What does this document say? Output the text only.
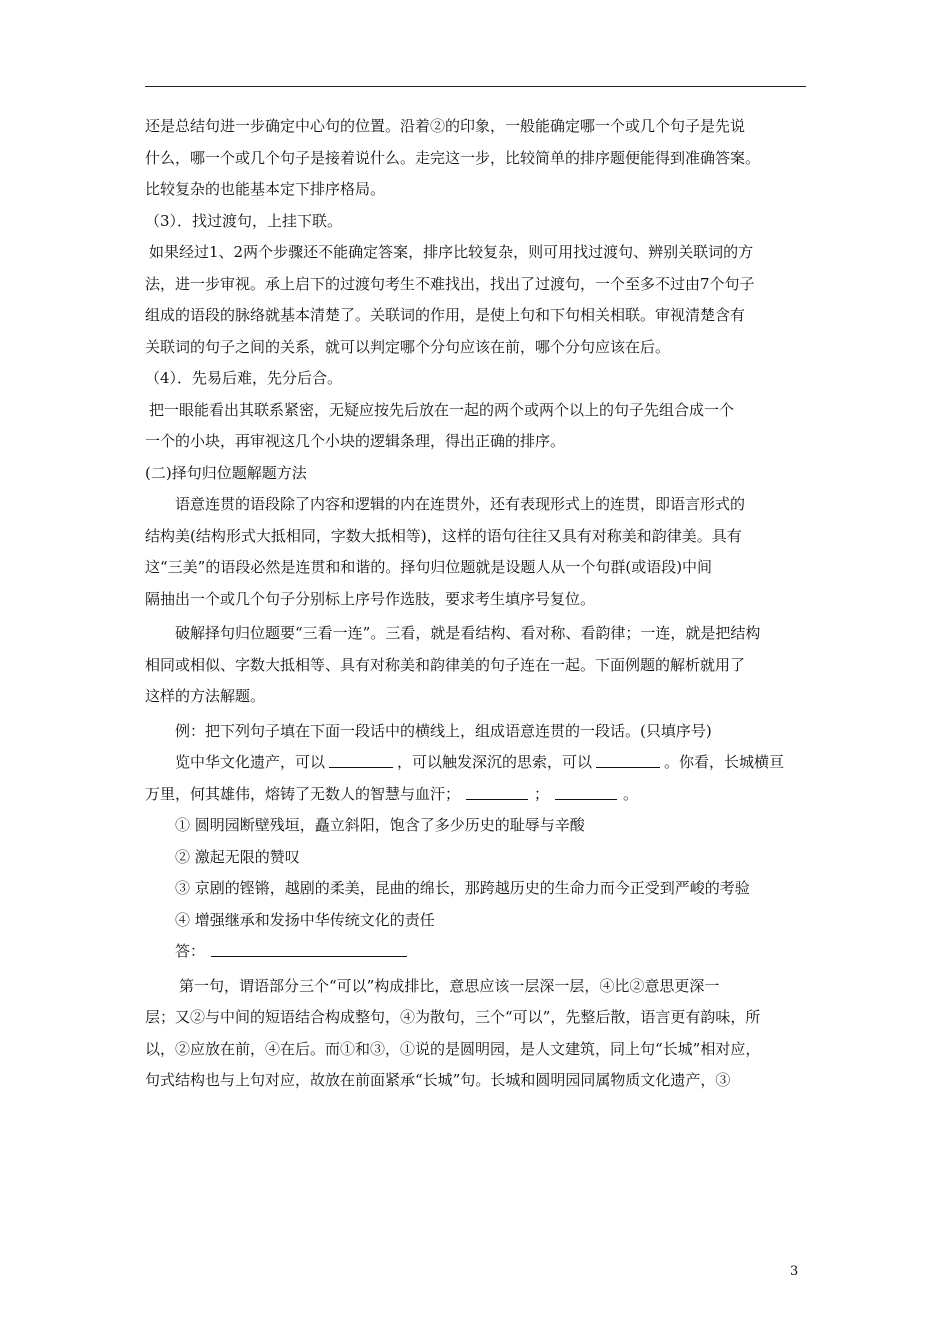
还是总结句进一步确定中心句的位置。沿着②的印象，一般能确定哪一个或几个句子是先说
什么，哪一个或几个句子是接着说什么。走完这一步，比较简单的排序题便能得到准确答案。
比较复杂的也能基本定下排序格局。
（3）．找过渡句，上挂下联。
如果经过1、2两个步骤还不能确定答案，排序比较复杂，则可用找过渡句、辨别关联词的方
法，进一步审视。承上启下的过渡句考生不难找出，找出了过渡句，一个至多不过由7个句子
组成的语段的脉络就基本清楚了。关联词的作用，是使上句和下句相关相联。审视清楚含有
关联词的句子之间的关系，就可以判定哪个分句应该在前，哪个分句应该在后。
（4）．先易后难，先分后合。
把一眼能看出其联系紧密，无疑应按先后放在一起的两个或两个以上的句子先组合成一个
一个的小块，再审视这几个小块的逻辑条理，得出正确的排序。
(二)择句归位题解题方法
语意连贯的语段除了内容和逻辑的内在连贯外，还有表现形式上的连贯，即语言形式的
结构美(结构形式大抵相同，字数大抵相等)，这样的语句往往又具有对称美和韵律美。具有
这“三美”的语段必然是连贯和和谐的。择句归位题就是设题人从一个句群(或语段)中间
隔抽出一个或几个句子分别标上序号作选肢，要求考生填序号复位。
破解择句归位题要“三看一连”。三看，就是看结构、看对称、看韵律；一连，就是把结构
相同或相似、字数大抵相等、具有对称美和韵律美的句子连在一起。下面例题的解析就用了
这样的方法解题。
例：把下列句子填在下面一段话中的横线上，组成语意连贯的一段话。(只填序号)
览中华文化遗产，可以	，可以触发深沉的思索，可以	。你看，长城横亘
万里，何其雄伟，熔铸了无数人的智慧与血汗；	；	。
① 圆明园断壁残垣，矗立斜阳，饱含了多少历史的耻辱与辛酸
② 激起无限的赞叹
③ 京剧的铿锵，越剧的柔美，昆曲的绵长，那跨越历史的生命力而今正受到严峻的考验
④ 增强继承和发扬中华传统文化的责任
答：
第一句，谓语部分三个“可以”构成排比，意思应该一层深一层，④比②意思更深一
层；又②与中间的短语结合构成整句，④为散句，三个“可以”，先整后散，语言更有韵味，所
以，②应放在前，④在后。而①和③，①说的是圆明园，是人文建筑，同上句“长城”相对应，
句式结构也与上句对应，故放在前面紧承“长城”句。长城和圆明园同属物质文化遗产，③
3
